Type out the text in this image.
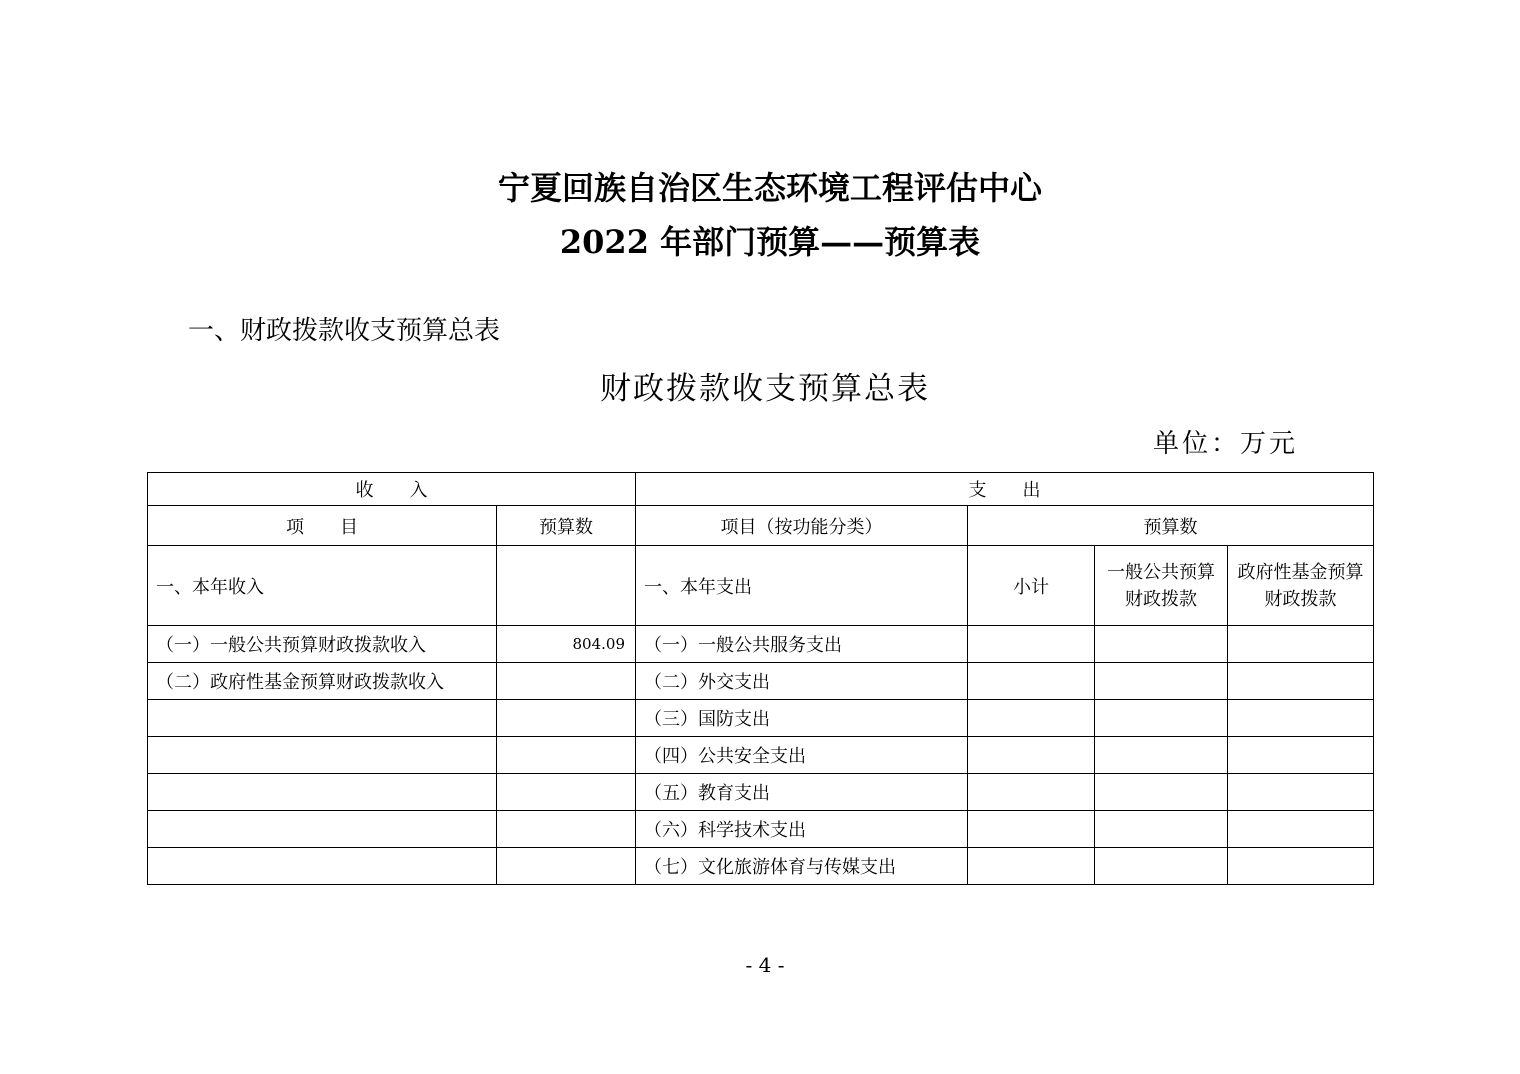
宁夏回族自治区生态环境工程评估中心
2022 年部门预算——预算表
一、财政拨款收支预算总表
财政拨款收支预算总表
单位：万元
收　　入		支　　出			
项　　目	预算数	项目（按功能分类）	预算数		
一、本年收入		一、本年支出	小计	一般公共预算财政拨款	政府性基金预算财政拨款
（一）一般公共预算财政拨款收入	804.09	（一）一般公共服务支出			
（二）政府性基金预算财政拨款收入		（二）外交支出			
		（三）国防支出			
		（四）公共安全支出			
		（五）教育支出			
		（六）科学技术支出			
		（七）文化旅游体育与传媒支出			
- 4 -
